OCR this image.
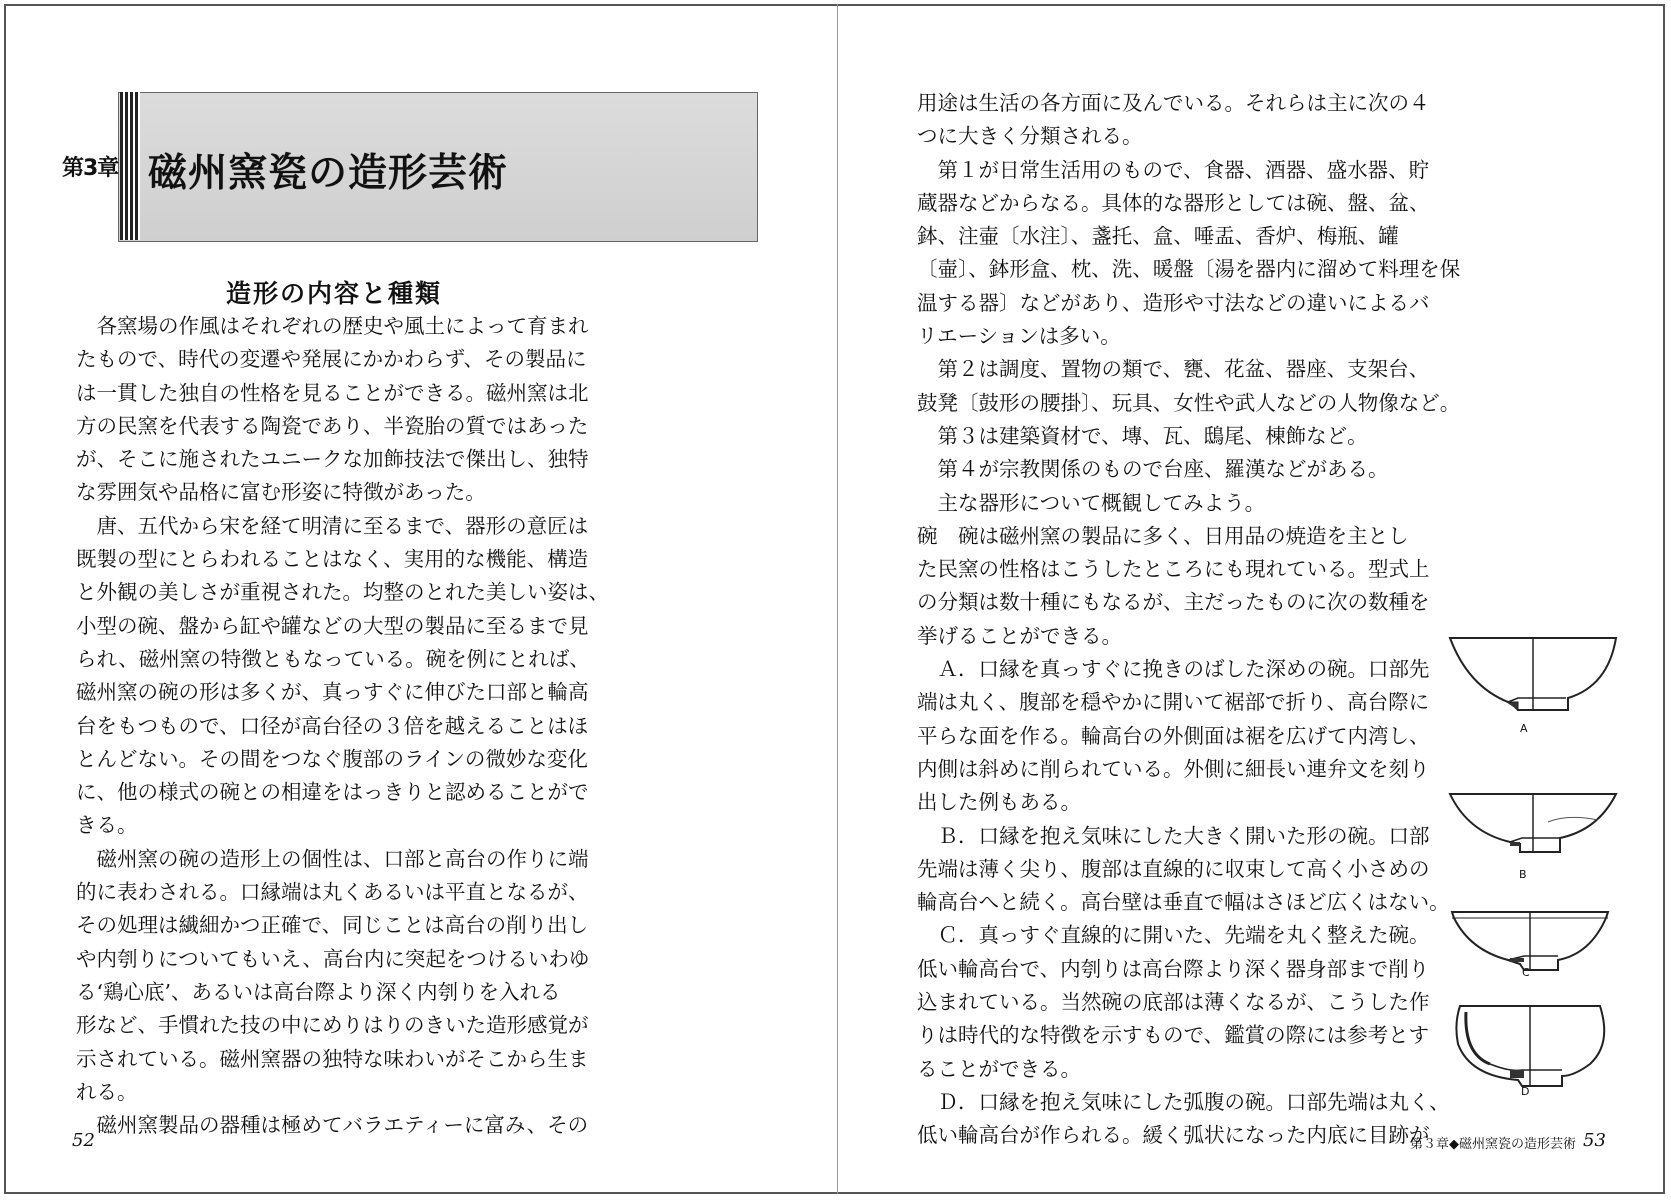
第3章 磁州窯瓷の造形芸術
造形の内容と種類
　各窯場の作風はそれぞれの歴史や風土によって育まれ
たもので、時代の変遷や発展にかかわらず、その製品に
は一貫した独自の性格を見ることができる。磁州窯は北
方の民窯を代表する陶瓷であり、半瓷胎の質ではあった
が、そこに施されたユニークな加飾技法で傑出し、独特
な雰囲気や品格に富む形姿に特徴があった。
　唐、五代から宋を経て明清に至るまで、器形の意匠は
既製の型にとらわれることはなく、実用的な機能、構造
と外観の美しさが重視された。均整のとれた美しい姿は、
小型の碗、盤から缸や罐などの大型の製品に至るまで見
られ、磁州窯の特徴ともなっている。碗を例にとれば、
磁州窯の碗の形は多くが、真っすぐに伸びた口部と輪高
台をもつもので、口径が高台径の３倍を越えることはほ
とんどない。その間をつなぐ腹部のラインの微妙な変化
に、他の様式の碗との相違をはっきりと認めることがで
きる。
　磁州窯の碗の造形上の個性は、口部と高台の作りに端
的に表わされる。口縁端は丸くあるいは平直となるが、
その処理は繊細かつ正確で、同じことは高台の削り出し
や内刳りについてもいえ、高台内に突起をつけるいわゆ
る‘鶏心底’、あるいは高台際より深く内刳りを入れる
形など、手慣れた技の中にめりはりのきいた造形感覚が
示されている。磁州窯器の独特な味わいがそこから生ま
れる。
　磁州窯製品の器種は極めてバラエティーに富み、その
52
用途は生活の各方面に及んでいる。それらは主に次の４
つに大きく分類される。
　第１が日常生活用のもので、食器、酒器、盛水器、貯
蔵器などからなる。具体的な器形としては碗、盤、盆、
鉢、注壷〔水注〕、盞托、盒、唾盂、香炉、梅瓶、罐
〔壷〕、鉢形盒、枕、洗、暖盤〔湯を器内に溜めて料理を保
温する器〕などがあり、造形や寸法などの違いによるバ
リエーションは多い。
　第２は調度、置物の類で、甕、花盆、器座、支架台、
鼓凳〔鼓形の腰掛〕、玩具、女性や武人などの人物像など。
　第３は建築資材で、塼、瓦、鴟尾、棟飾など。
　第４が宗教関係のもので台座、羅漢などがある。
　主な器形について概観してみよう。
碗　碗は磁州窯の製品に多く、日用品の焼造を主とし
た民窯の性格はこうしたところにも現れている。型式上
の分類は数十種にもなるが、主だったものに次の数種を
挙げることができる。
　Ａ．口縁を真っすぐに挽きのばした深めの碗。口部先
端は丸く、腹部を穏やかに開いて裾部で折り、高台際に
平らな面を作る。輪高台の外側面は裾を広げて内湾し、
内側は斜めに削られている。外側に細長い連弁文を刻り
出した例もある。
　Ｂ．口縁を抱え気味にした大きく開いた形の碗。口部
先端は薄く尖り、腹部は直線的に収束して高く小さめの
輪高台へと続く。高台壁は垂直で幅はさほど広くはない。
　Ｃ．真っすぐ直線的に開いた、先端を丸く整えた碗。
低い輪高台で、内刳りは高台際より深く器身部まで削り
込まれている。当然碗の底部は薄くなるが、こうした作
りは時代的な特徴を示すもので、鑑賞の際には参考とす
ることができる。
　Ｄ．口縁を抱え気味にした弧腹の碗。口部先端は丸く、
低い輪高台が作られる。緩く弧状になった内底に目跡が
A
B
C
D
第３章◆磁州窯瓷の造形芸術 53
